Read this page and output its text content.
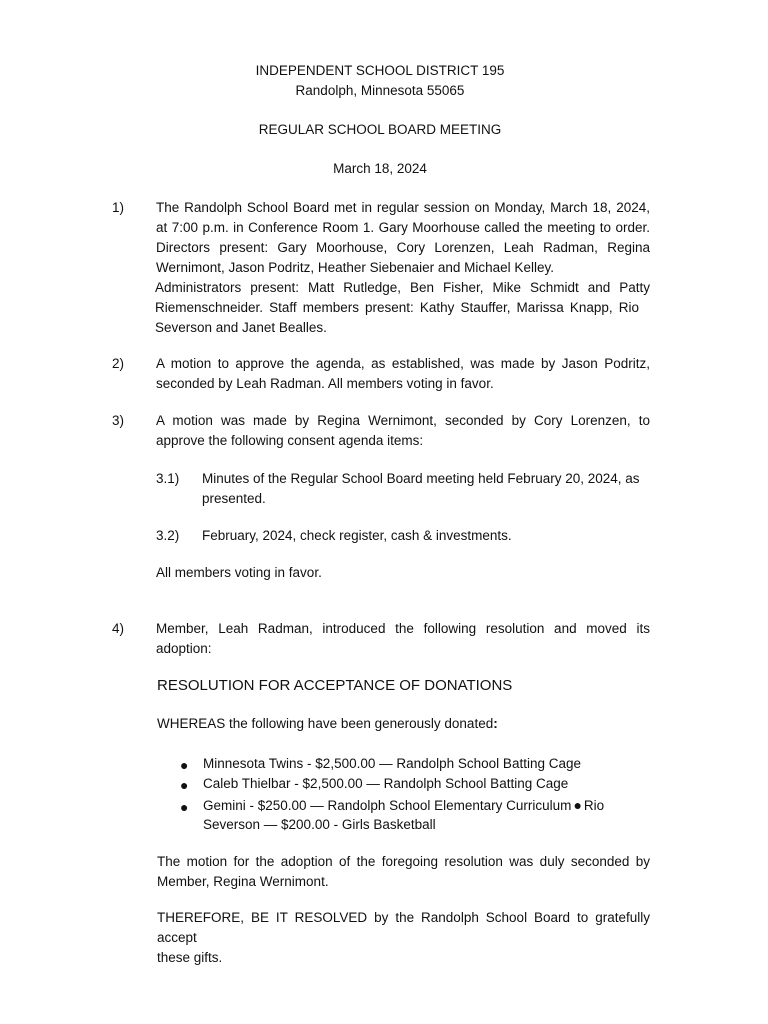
INDEPENDENT SCHOOL DISTRICT 195
Randolph, Minnesota 55065
REGULAR SCHOOL BOARD MEETING
March 18, 2024
1) The Randolph School Board met in regular session on Monday, March 18, 2024,
at 7:00 p.m. in Conference Room 1. Gary Moorhouse called the meeting to order.
Directors present: Gary Moorhouse, Cory Lorenzen, Leah Radman, Regina
Wernimont, Jason Podritz, Heather Siebenaier and Michael Kelley.
Administrators present: Matt Rutledge, Ben Fisher, Mike Schmidt and Patty
Riemenschneider. Staff members present: Kathy Stauffer, Marissa Knapp, Rio
Severson and Janet Bealles.
2) A motion to approve the agenda, as established, was made by Jason Podritz,
seconded by Leah Radman. All members voting in favor.
3) A motion was made by Regina Wernimont, seconded by Cory Lorenzen, to
approve the following consent agenda items:
3.1) Minutes of the Regular School Board meeting held February 20, 2024, as
presented.
3.2) February, 2024, check register, cash & investments.
All members voting in favor.
4) Member, Leah Radman, introduced the following resolution and moved its
adoption:
RESOLUTION FOR ACCEPTANCE OF DONATIONS
WHEREAS the following have been generously donated:
● Minnesota Twins - $2,500.00 — Randolph School Batting Cage
● Caleb Thielbar - $2,500.00 — Randolph School Batting Cage
● Gemini - $250.00 — Randolph School Elementary Curriculum ● Rio
Severson — $200.00 - Girls Basketball
The motion for the adoption of the foregoing resolution was duly seconded by
Member, Regina Wernimont.
THEREFORE, BE IT RESOLVED by the Randolph School Board to gratefully accept
these gifts.
